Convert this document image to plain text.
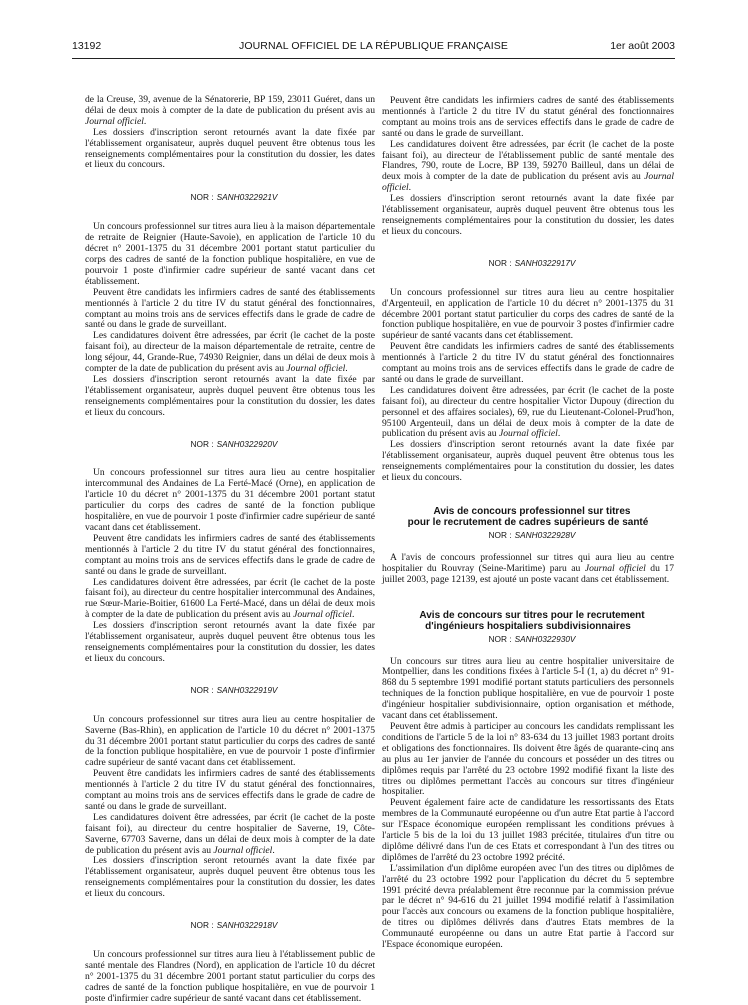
13192	JOURNAL OFFICIEL DE LA RÉPUBLIQUE FRANÇAISE	1er août 2003

de la Creuse, 39, avenue de la Sénatorerie, BP 159, 23011 Guéret, dans un délai de deux mois à compter de la date de publication du présent avis au Journal officiel.

Les dossiers d'inscription seront retournés avant la date fixée par l'établissement organisateur, auprès duquel peuvent être obtenus tous les renseignements complémentaires pour la constitution du dossier, les dates et lieux du concours.

NOR : SANH0322921V

Un concours professionnel sur titres aura lieu à la maison départementale de retraite de Reignier (Haute-Savoie), en application de l'article 10 du décret n° 2001-1375 du 31 décembre 2001 portant statut particulier du corps des cadres de santé de la fonction publique hospitalière, en vue de pourvoir 1 poste d'infirmier cadre supérieur de santé vacant dans cet établissement.

Peuvent être candidats les infirmiers cadres de santé des établissements mentionnés à l'article 2 du titre IV du statut général des fonctionnaires, comptant au moins trois ans de services effectifs dans le grade de cadre de santé ou dans le grade de surveillant.

Les candidatures doivent être adressées, par écrit (le cachet de la poste faisant foi), au directeur de la maison départementale de retraite, centre de long séjour, 44, Grande-Rue, 74930 Reignier, dans un délai de deux mois à compter de la date de publication du présent avis au Journal officiel.

Les dossiers d'inscription seront retournés avant la date fixée par l'établissement organisateur, auprès duquel peuvent être obtenus tous les renseignements complémentaires pour la constitution du dossier, les dates et lieux du concours.

NOR : SANH0322920V

Un concours professionnel sur titres aura lieu au centre hospitalier intercommunal des Andaines de La Ferté-Macé (Orne), en application de l'article 10 du décret n° 2001-1375 du 31 décembre 2001 portant statut particulier du corps des cadres de santé de la fonction publique hospitalière, en vue de pourvoir 1 poste d'infirmier cadre supérieur de santé vacant dans cet établissement.

Peuvent être candidats les infirmiers cadres de santé des établissements mentionnés à l'article 2 du titre IV du statut général des fonctionnaires, comptant au moins trois ans de services effectifs dans le grade de cadre de santé ou dans le grade de surveillant.

Les candidatures doivent être adressées, par écrit (le cachet de la poste faisant foi), au directeur du centre hospitalier intercommunal des Andaines, rue Sœur-Marie-Boitier, 61600 La Ferté-Macé, dans un délai de deux mois à compter de la date de publication du présent avis au Journal officiel.

Les dossiers d'inscription seront retournés avant la date fixée par l'établissement organisateur, auprès duquel peuvent être obtenus tous les renseignements complémentaires pour la constitution du dossier, les dates et lieux du concours.

NOR : SANH0322919V

Un concours professionnel sur titres aura lieu au centre hospitalier de Saverne (Bas-Rhin), en application de l'article 10 du décret n° 2001-1375 du 31 décembre 2001 portant statut particulier du corps des cadres de santé de la fonction publique hospitalière, en vue de pourvoir 1 poste d'infirmier cadre supérieur de santé vacant dans cet établissement.

Peuvent être candidats les infirmiers cadres de santé des établissements mentionnés à l'article 2 du titre IV du statut général des fonctionnaires, comptant au moins trois ans de services effectifs dans le grade de cadre de santé ou dans le grade de surveillant.

Les candidatures doivent être adressées, par écrit (le cachet de la poste faisant foi), au directeur du centre hospitalier de Saverne, 19, Côte-Saverne, 67703 Saverne, dans un délai de deux mois à compter de la date de publication du présent avis au Journal officiel.

Les dossiers d'inscription seront retournés avant la date fixée par l'établissement organisateur, auprès duquel peuvent être obtenus tous les renseignements complémentaires pour la constitution du dossier, les dates et lieux du concours.

NOR : SANH0322918V

Un concours professionnel sur titres aura lieu à l'établissement public de santé mentale des Flandres (Nord), en application de l'article 10 du décret n° 2001-1375 du 31 décembre 2001 portant statut particulier du corps des cadres de santé de la fonction publique hospitalière, en vue de pourvoir 1 poste d'infirmier cadre supérieur de santé vacant dans cet établissement.

Peuvent être candidats les infirmiers cadres de santé des établissements mentionnés à l'article 2 du titre IV du statut général des fonctionnaires comptant au moins trois ans de services effectifs dans le grade de cadre de santé ou dans le grade de surveillant.

Les candidatures doivent être adressées, par écrit (le cachet de la poste faisant foi), au directeur de l'établissement public de santé mentale des Flandres, 790, route de Locre, BP 139, 59270 Bailleul, dans un délai de deux mois à compter de la date de publication du présent avis au Journal officiel.

Les dossiers d'inscription seront retournés avant la date fixée par l'établissement organisateur, auprès duquel peuvent être obtenus tous les renseignements complémentaires pour la constitution du dossier, les dates et lieux du concours.

NOR : SANH0322917V

Un concours professionnel sur titres aura lieu au centre hospitalier d'Argenteuil, en application de l'article 10 du décret n° 2001-1375 du 31 décembre 2001 portant statut particulier du corps des cadres de santé de la fonction publique hospitalière, en vue de pourvoir 3 postes d'infirmier cadre supérieur de santé vacants dans cet établissement.

Peuvent être candidats les infirmiers cadres de santé des établissements mentionnés à l'article 2 du titre IV du statut général des fonctionnaires comptant au moins trois ans de services effectifs dans le grade de cadre de santé ou dans le grade de surveillant.

Les candidatures doivent être adressées, par écrit (le cachet de la poste faisant foi), au directeur du centre hospitalier Victor Dupouy (direction du personnel et des affaires sociales), 69, rue du Lieutenant-Colonel-Prud'hon, 95100 Argenteuil, dans un délai de deux mois à compter de la date de publication du présent avis au Journal officiel.

Les dossiers d'inscription seront retournés avant la date fixée par l'établissement organisateur, auprès duquel peuvent être obtenus tous les renseignements complémentaires pour la constitution du dossier, les dates et lieux du concours.

Avis de concours professionnel sur titres
pour le recrutement de cadres supérieurs de santé

NOR : SANH0322928V

A l'avis de concours professionnel sur titres qui aura lieu au centre hospitalier du Rouvray (Seine-Maritime) paru au Journal officiel du 17 juillet 2003, page 12139, est ajouté un poste vacant dans cet établissement.

Avis de concours sur titres pour le recrutement
d'ingénieurs hospitaliers subdivisionnaires

NOR : SANH0322930V

Un concours sur titres aura lieu au centre hospitalier universitaire de Montpellier, dans les conditions fixées à l'article 5-I (1, a) du décret n° 91-868 du 5 septembre 1991 modifié portant statuts particuliers des personnels techniques de la fonction publique hospitalière, en vue de pourvoir 1 poste d'ingénieur hospitalier subdivisionnaire, option organisation et méthode, vacant dans cet établissement.

Peuvent être admis à participer au concours les candidats remplissant les conditions de l'article 5 de la loi n° 83-634 du 13 juillet 1983 portant droits et obligations des fonctionnaires. Ils doivent être âgés de quarante-cinq ans au plus au 1er janvier de l'année du concours et posséder un des titres ou diplômes requis par l'arrêté du 23 octobre 1992 modifié fixant la liste des titres ou diplômes permettant l'accès au concours sur titres d'ingénieur hospitalier.

Peuvent également faire acte de candidature les ressortissants des Etats membres de la Communauté européenne ou d'un autre Etat partie à l'accord sur l'Espace économique européen remplissant les conditions prévues à l'article 5 bis de la loi du 13 juillet 1983 précitée, titulaires d'un titre ou diplôme délivré dans l'un de ces Etats et correspondant à l'un des titres ou diplômes de l'arrêté du 23 octobre 1992 précité.

L'assimilation d'un diplôme européen avec l'un des titres ou diplômes de l'arrêté du 23 octobre 1992 pour l'application du décret du 5 septembre 1991 précité devra préalablement être reconnue par la commission prévue par le décret n° 94-616 du 21 juillet 1994 modifié relatif à l'assimilation pour l'accès aux concours ou examens de la fonction publique hospitalière, de titres ou diplômes délivrés dans d'autres Etats membres de la Communauté européenne ou dans un autre Etat partie à l'accord sur l'Espace économique européen.
